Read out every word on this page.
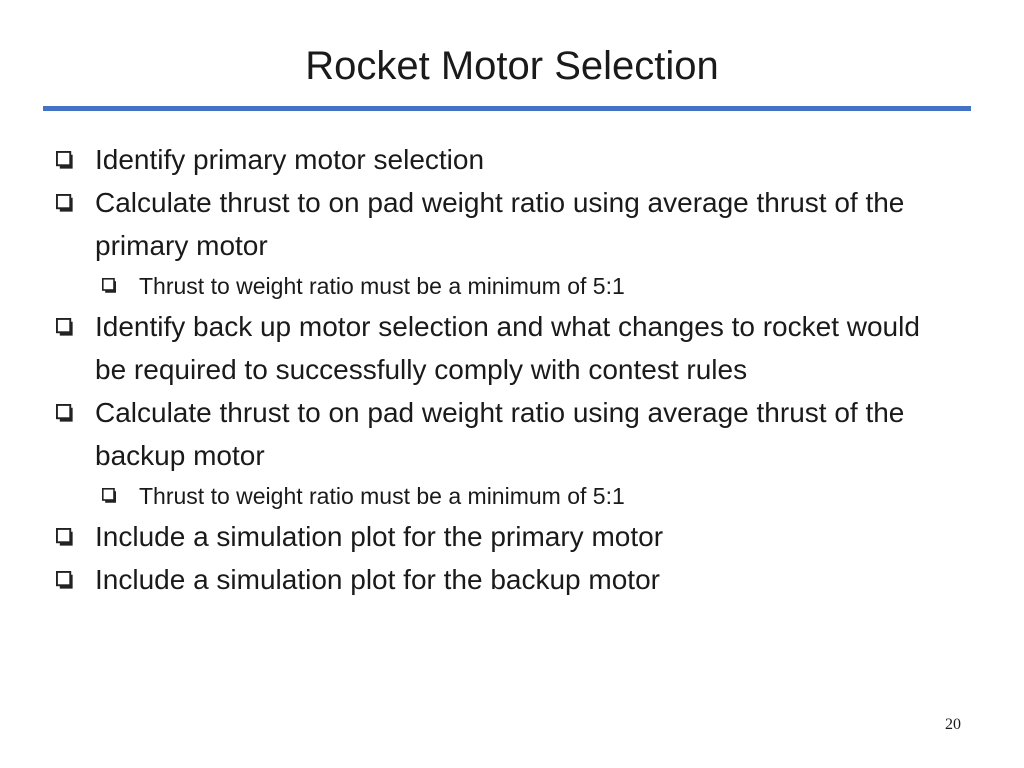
Rocket Motor Selection
Identify primary motor selection
Calculate thrust to on pad weight ratio using average thrust of the primary motor
Thrust to weight ratio must be a minimum of 5:1
Identify back up motor selection and what changes to rocket would be required to successfully comply with contest rules
Calculate thrust to on pad weight ratio using average thrust of the backup motor
Thrust to weight ratio must be a minimum of 5:1
Include a simulation plot for the primary motor
Include a simulation plot for the backup motor
20
